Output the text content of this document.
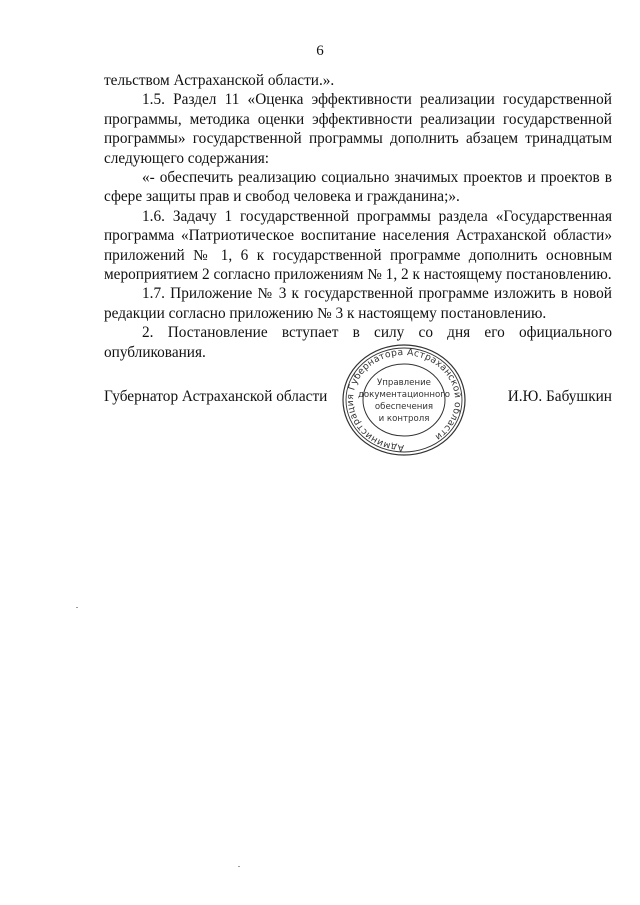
6

тельством Астраханской области.».

1.5. Раздел 11 «Оценка эффективности реализации государственной программы, методика оценки эффективности реализации государственной программы» государственной программы дополнить абзацем тринадцатым следующего содержания:

«- обеспечить реализацию социально значимых проектов и проектов в сфере защиты прав и свобод человека и гражданина;».

1.6. Задачу 1 государственной программы раздела «Государственная программа «Патриотическое воспитание населения Астраханской области» приложений № 1, 6 к государственной программе дополнить основным мероприятием 2 согласно приложениям № 1, 2 к настоящему постановлению.

1.7. Приложение № 3 к государственной программе изложить в новой редакции согласно приложению № 3 к настоящему постановлению.

2. Постановление вступает в силу со дня его официального опубликования.

Губернатор Астраханской области	И.Ю. Бабушкин
Администрация Губернатора Астраханской области
Управление
документационного
обеспечения
и контроля
